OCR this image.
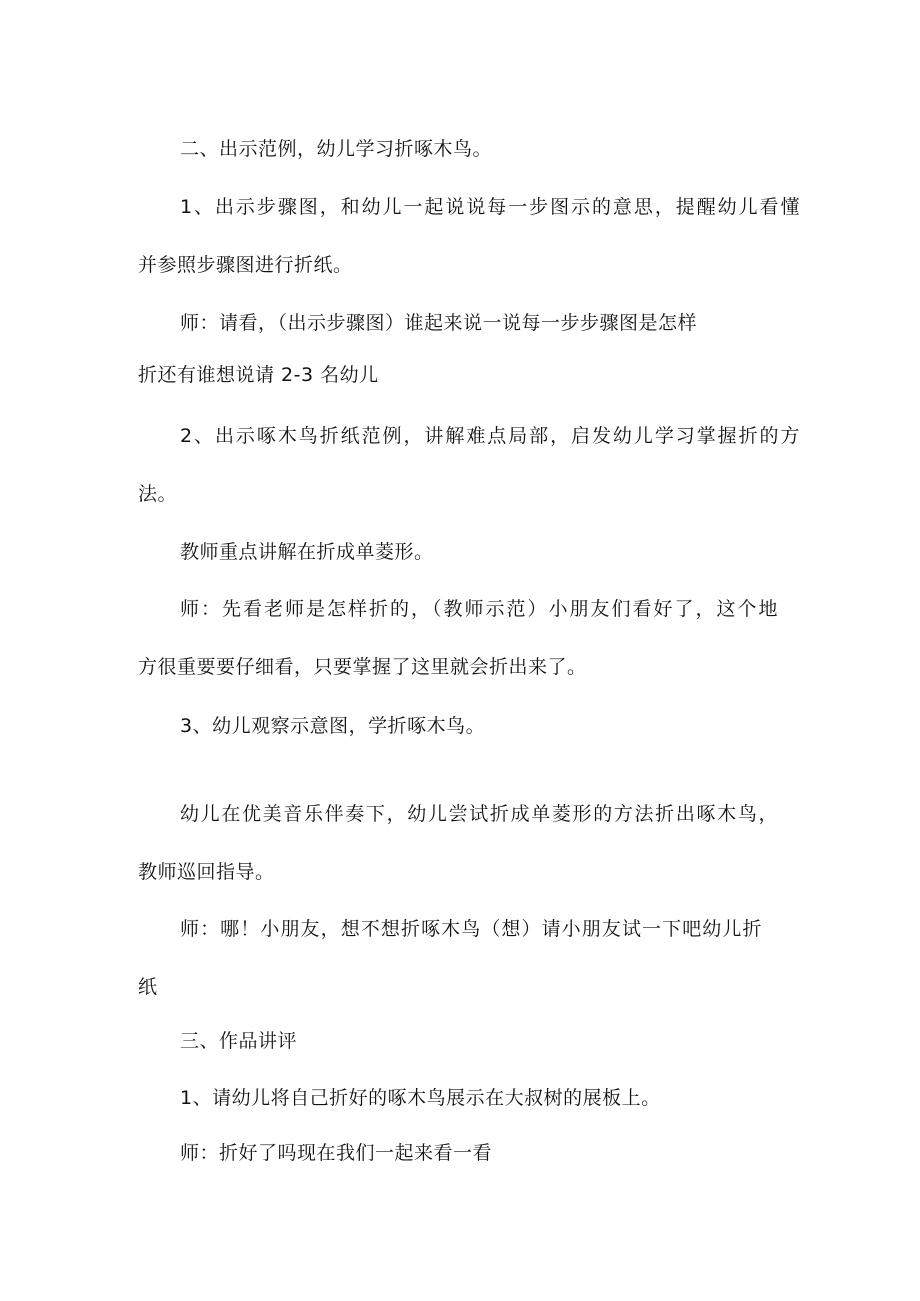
二、出示范例，幼儿学习折啄木鸟。
1、出示步骤图，和幼儿一起说说每一步图示的意思，提醒幼儿看懂
并参照步骤图进行折纸。
师：请看，（出示步骤图）谁起来说一说每一步步骤图是怎样
折还有谁想说请 2-3 名幼儿
2、出示啄木鸟折纸范例，讲解难点局部，启发幼儿学习掌握折的方
法。
教师重点讲解在折成单菱形。
师：先看老师是怎样折的，（教师示范）小朋友们看好了，这个地
方很重要要仔细看，只要掌握了这里就会折出来了。
3、幼儿观察示意图，学折啄木鸟。
幼儿在优美音乐伴奏下，幼儿尝试折成单菱形的方法折出啄木鸟，
教师巡回指导。
师：哪！小朋友，想不想折啄木鸟（想）请小朋友试一下吧幼儿折
纸
三、作品讲评
1、请幼儿将自己折好的啄木鸟展示在大叔树的展板上。
师：折好了吗现在我们一起来看一看
